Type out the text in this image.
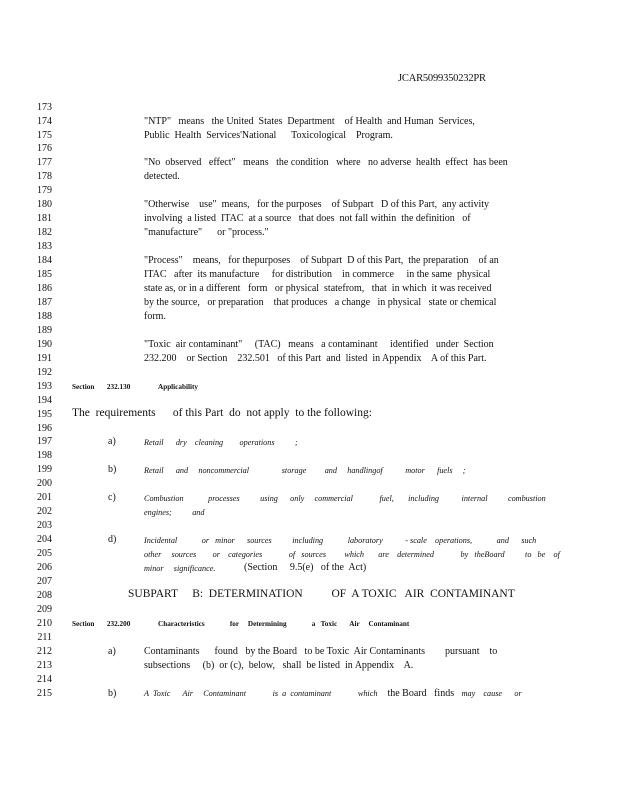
JCAR5099350232PR
173
174
175
176
177
178
179
180
181
182
183
184
185
186
187
188
189
190
191
192
193
194
195
196
197
198
199
200
201
202
203
204
205
206
207
208
209
210
211
212
213
214
215
"NTP"   means   the United  States  Department    of Health  and Human  Services,
Public  Health  Services'National      Toxicological    Program.
"No  observed   effect"   means   the condition   where   no adverse  health  effect  has been
detected.
"Otherwise    use"  means,   for the purposes    of Subpart   D of this Part,  any activity
involving  a listed  ITAC  at a source   that does  not fall within  the definition   of
"manufacture"      or "process."
"Process"    means,   for thepurposes    of Subpart  D of this Part,  the preparation    of an
ITAC   after  its manufacture     for distribution    in commerce     in the same  physical
state as, or in a different   form   or physical  statefrom,   that  in which  it was received
by the source,   or preparation    that produces   a change   in physical   state or chemical
form.
"Toxic  air contaminant"     (TAC)   means   a contaminant     identified   under  Section
232.200    or Section    232.501   of this Part  and  listed  in Appendix    A of this Part.
Section       232.130	Applicability
The  requirements      of this Part  do  not apply  to the following:
a)	Retail      dry    cleaning        operations          ;
b)	Retail      and     noncommercial                storage         and     handlingof           motor      fuels     ;
c)	Combustion            processes          using      only     commercial             fuel,       including           internal          combustion
engines;          and
d)	Incidental            or   minor      sources          including            laboratory           - scale    operations,            and      such
other     sources        or    categories             of   sources         which       are    determined             by   theBoard          to   be    of
minor     significance.	(Section     9.5(e)   of the  Act)
SUBPART     B:  DETERMINATION          OF  A TOXIC   AIR  CONTAMINANT
Section       232.200	Characteristics              for     Determining              a   Toxic       Air     Contaminant
a)	Contaminants      found   by the Board   to be Toxic  Air Contaminants        pursuant    to
subsections     (b)  or (c),  below,   shall  be listed  in Appendix    A.
b)	A  Toxic      Air     Contaminant             is  a  contaminant             which the Board   finds may    cause      or
